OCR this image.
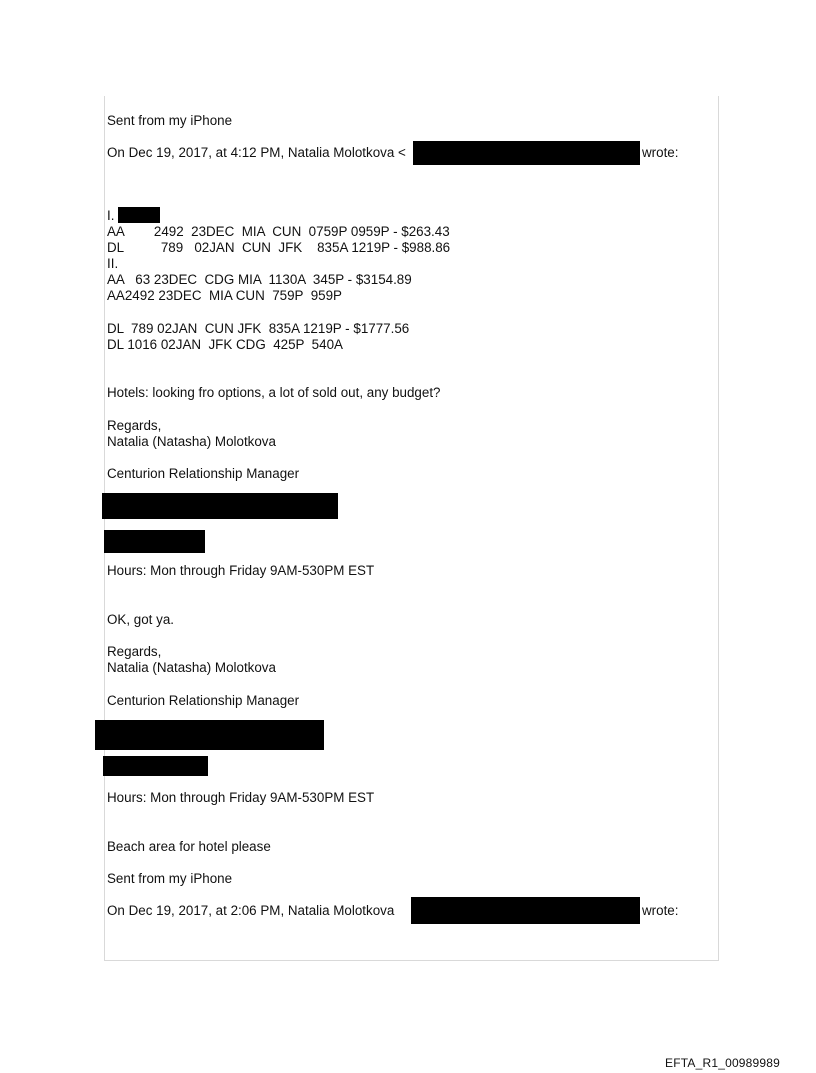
Sent from my iPhone

On Dec 19, 2017, at 4:12 PM, Natalia Molotkova <	wrote:

I.

AA        2492  23DEC  MIA  CUN  0759P 0959P - $263.43

DL          789   02JAN  CUN  JFK    835A 1219P - $988.86

II.

AA   63 23DEC  CDG MIA  1130A  345P - $3154.89

AA2492 23DEC  MIA CUN  759P  959P

DL  789 02JAN  CUN JFK  835A 1219P - $1777.56

DL 1016 02JAN  JFK CDG  425P  540A

Hotels: looking fro options, a lot of sold out, any budget?

Regards,

Natalia (Natasha) Molotkova

Centurion Relationship Manager

Hours: Mon through Friday 9AM-530PM EST

OK, got ya.

Regards,

Natalia (Natasha) Molotkova

Centurion Relationship Manager

Hours: Mon through Friday 9AM-530PM EST

Beach area for hotel please

Sent from my iPhone

On Dec 19, 2017, at 2:06 PM, Natalia Molotkova	wrote:

EFTA_R1_00989989
